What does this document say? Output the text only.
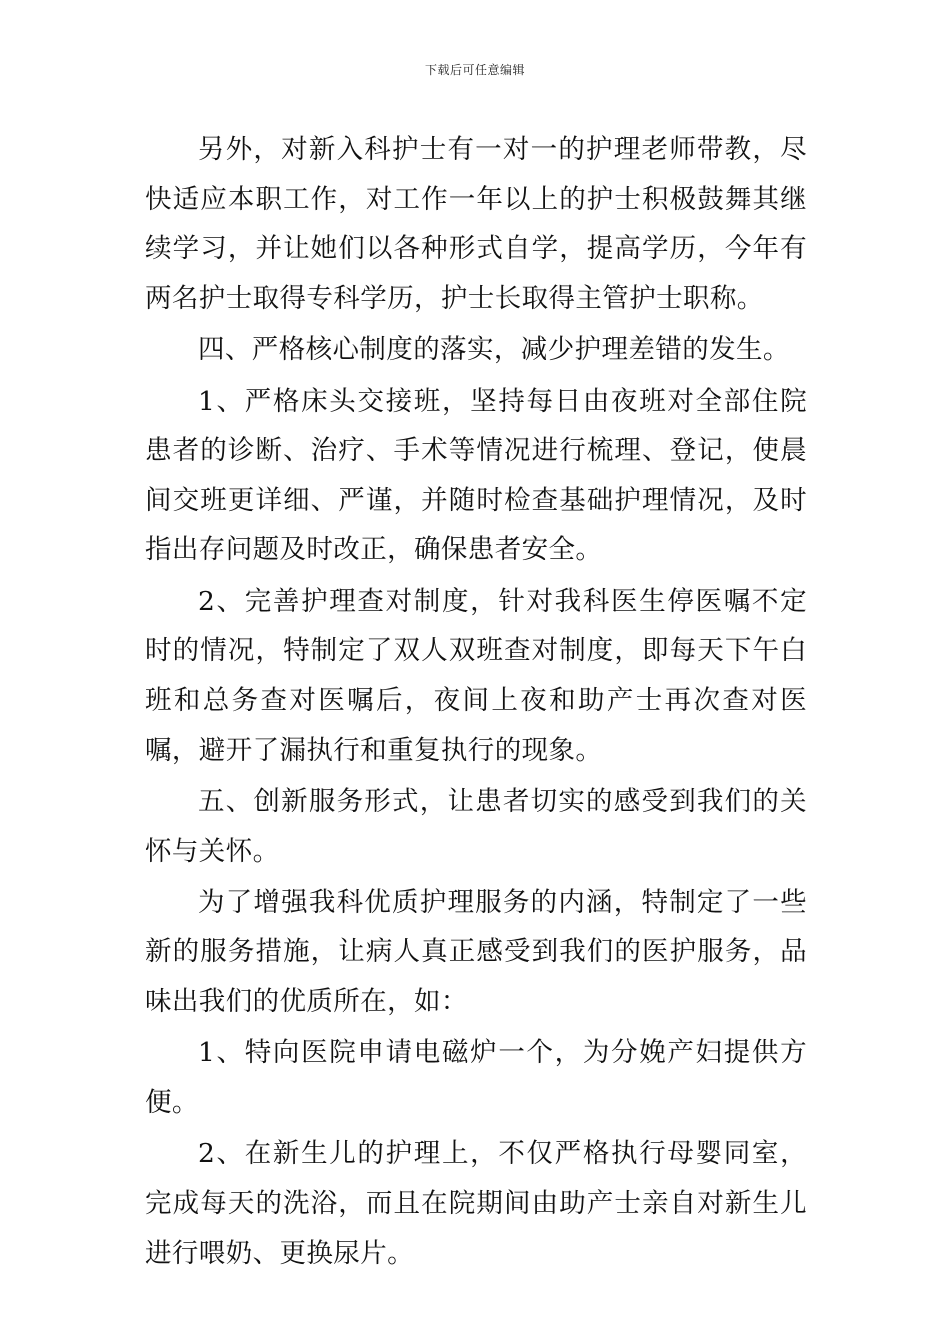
下载后可任意编辑

另外，对新入科护士有一对一的护理老师带教，尽快适应本职工作，对工作一年以上的护士积极鼓舞其继续学习，并让她们以各种形式自学，提高学历，今年有两名护士取得专科学历，护士长取得主管护士职称。

四、严格核心制度的落实，减少护理差错的发生。

1、严格床头交接班，坚持每日由夜班对全部住院患者的诊断、治疗、手术等情况进行梳理、登记，使晨间交班更详细、严谨，并随时检查基础护理情况，及时指出存问题及时改正，确保患者安全。

2、完善护理查对制度，针对我科医生停医嘱不定时的情况，特制定了双人双班查对制度，即每天下午白班和总务查对医嘱后，夜间上夜和助产士再次查对医嘱，避开了漏执行和重复执行的现象。

五、创新服务形式，让患者切实的感受到我们的关怀与关怀。

为了增强我科优质护理服务的内涵，特制定了一些新的服务措施，让病人真正感受到我们的医护服务，品味出我们的优质所在，如：

1、特向医院申请电磁炉一个，为分娩产妇提供方便。

2、在新生儿的护理上，不仅严格执行母婴同室，完成每天的洗浴，而且在院期间由助产士亲自对新生儿进行喂奶、更换尿片。
